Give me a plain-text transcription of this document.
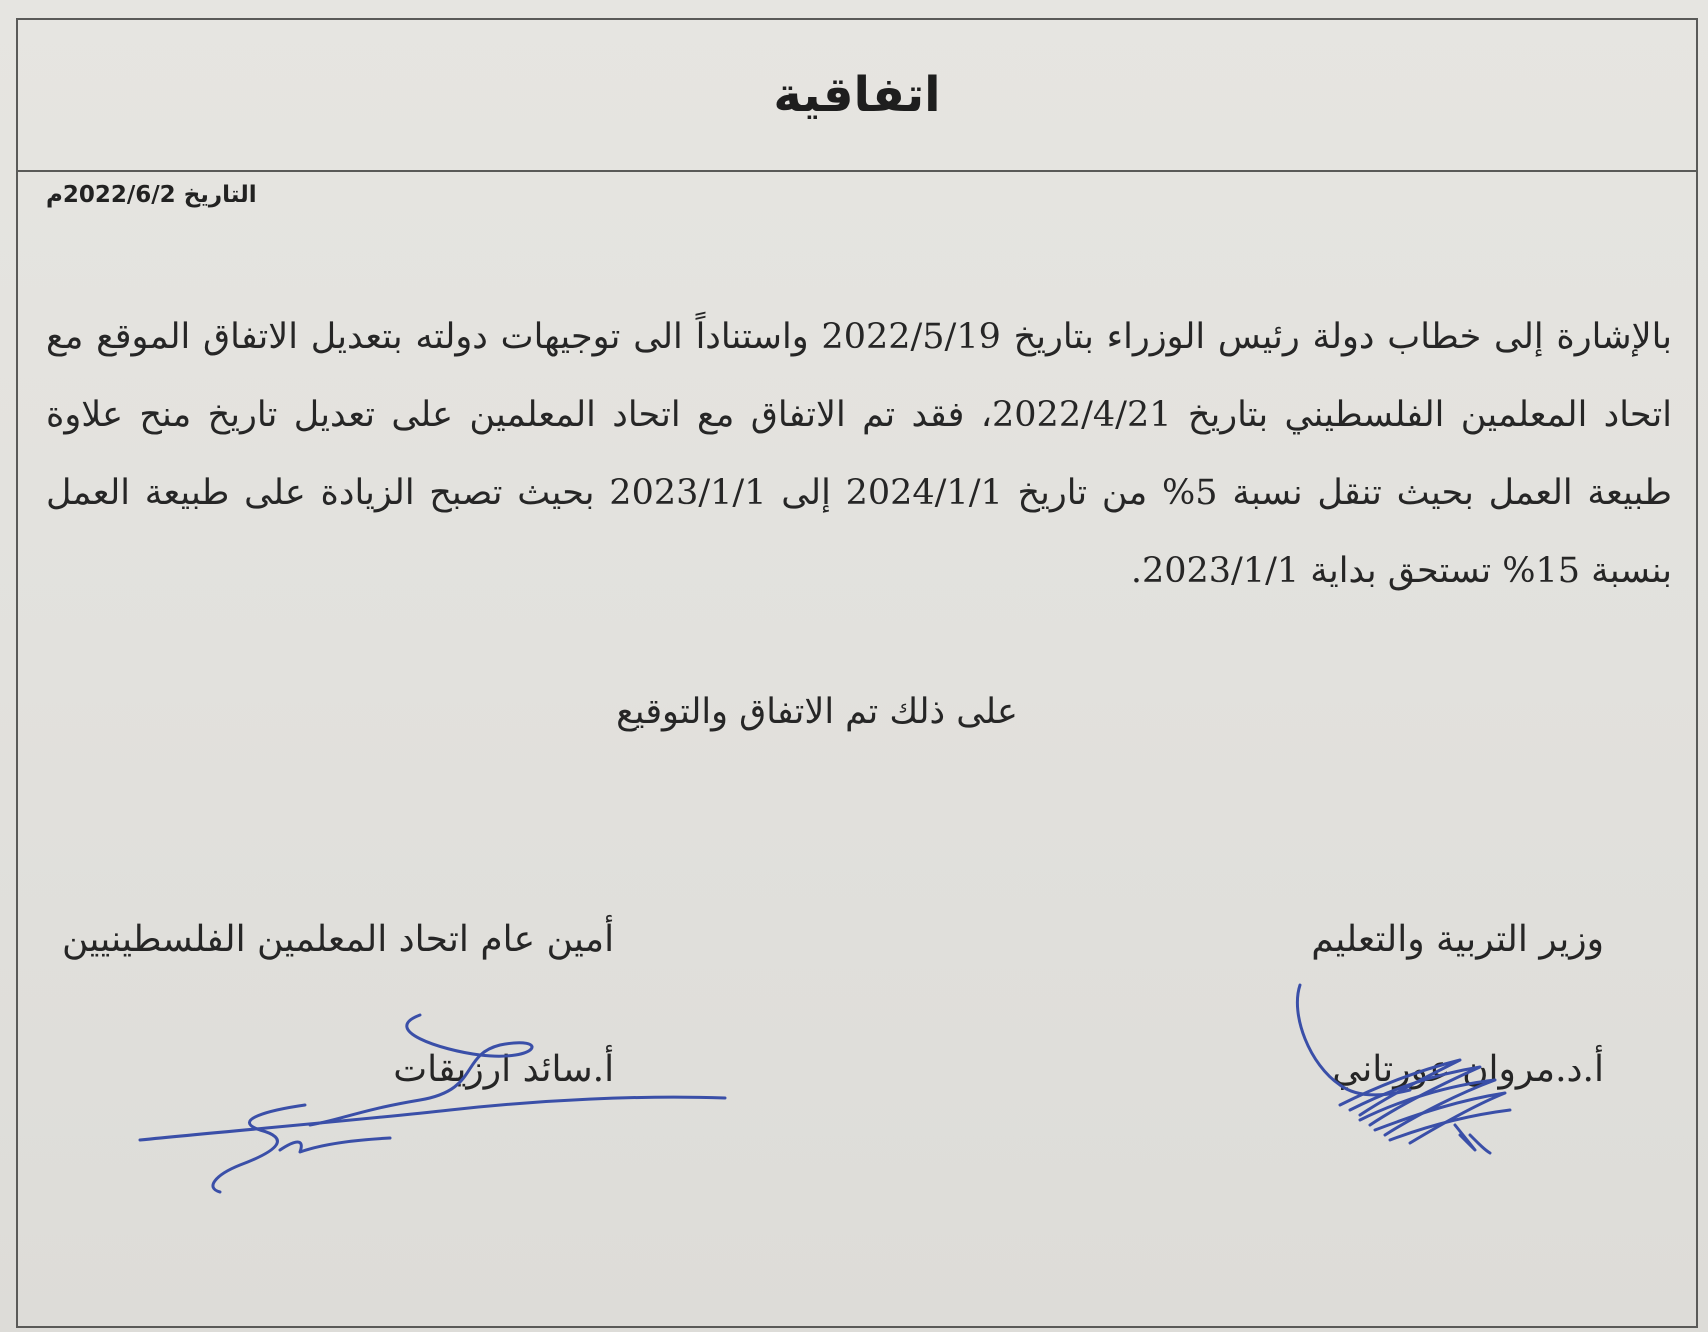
اتفاقية
التاريخ2022/6/2م
بالإشارة إلى خطاب دولة رئيس الوزراء بتاريخ 2022/5/19 واستناداً الى توجيهات دولته بتعديل الاتفاق الموقع مع اتحاد المعلمين الفلسطيني بتاريخ 2022/4/21، فقد تم الاتفاق مع اتحاد المعلمين على تعديل تاريخ منح علاوة طبيعة العمل بحيث تنقل نسبة 5% من تاريخ 2024/1/1 إلى 2023/1/1 بحيث تصبح الزيادة على طبيعة العمل بنسبة 15% تستحق بداية 2023/1/1.
على ذلك تم الاتفاق والتوقيع
وزير التربية والتعليم
أ.د.مروان عورتاني
أمين عام اتحاد المعلمين الفلسطينيين
أ.سائد ارزيقات
